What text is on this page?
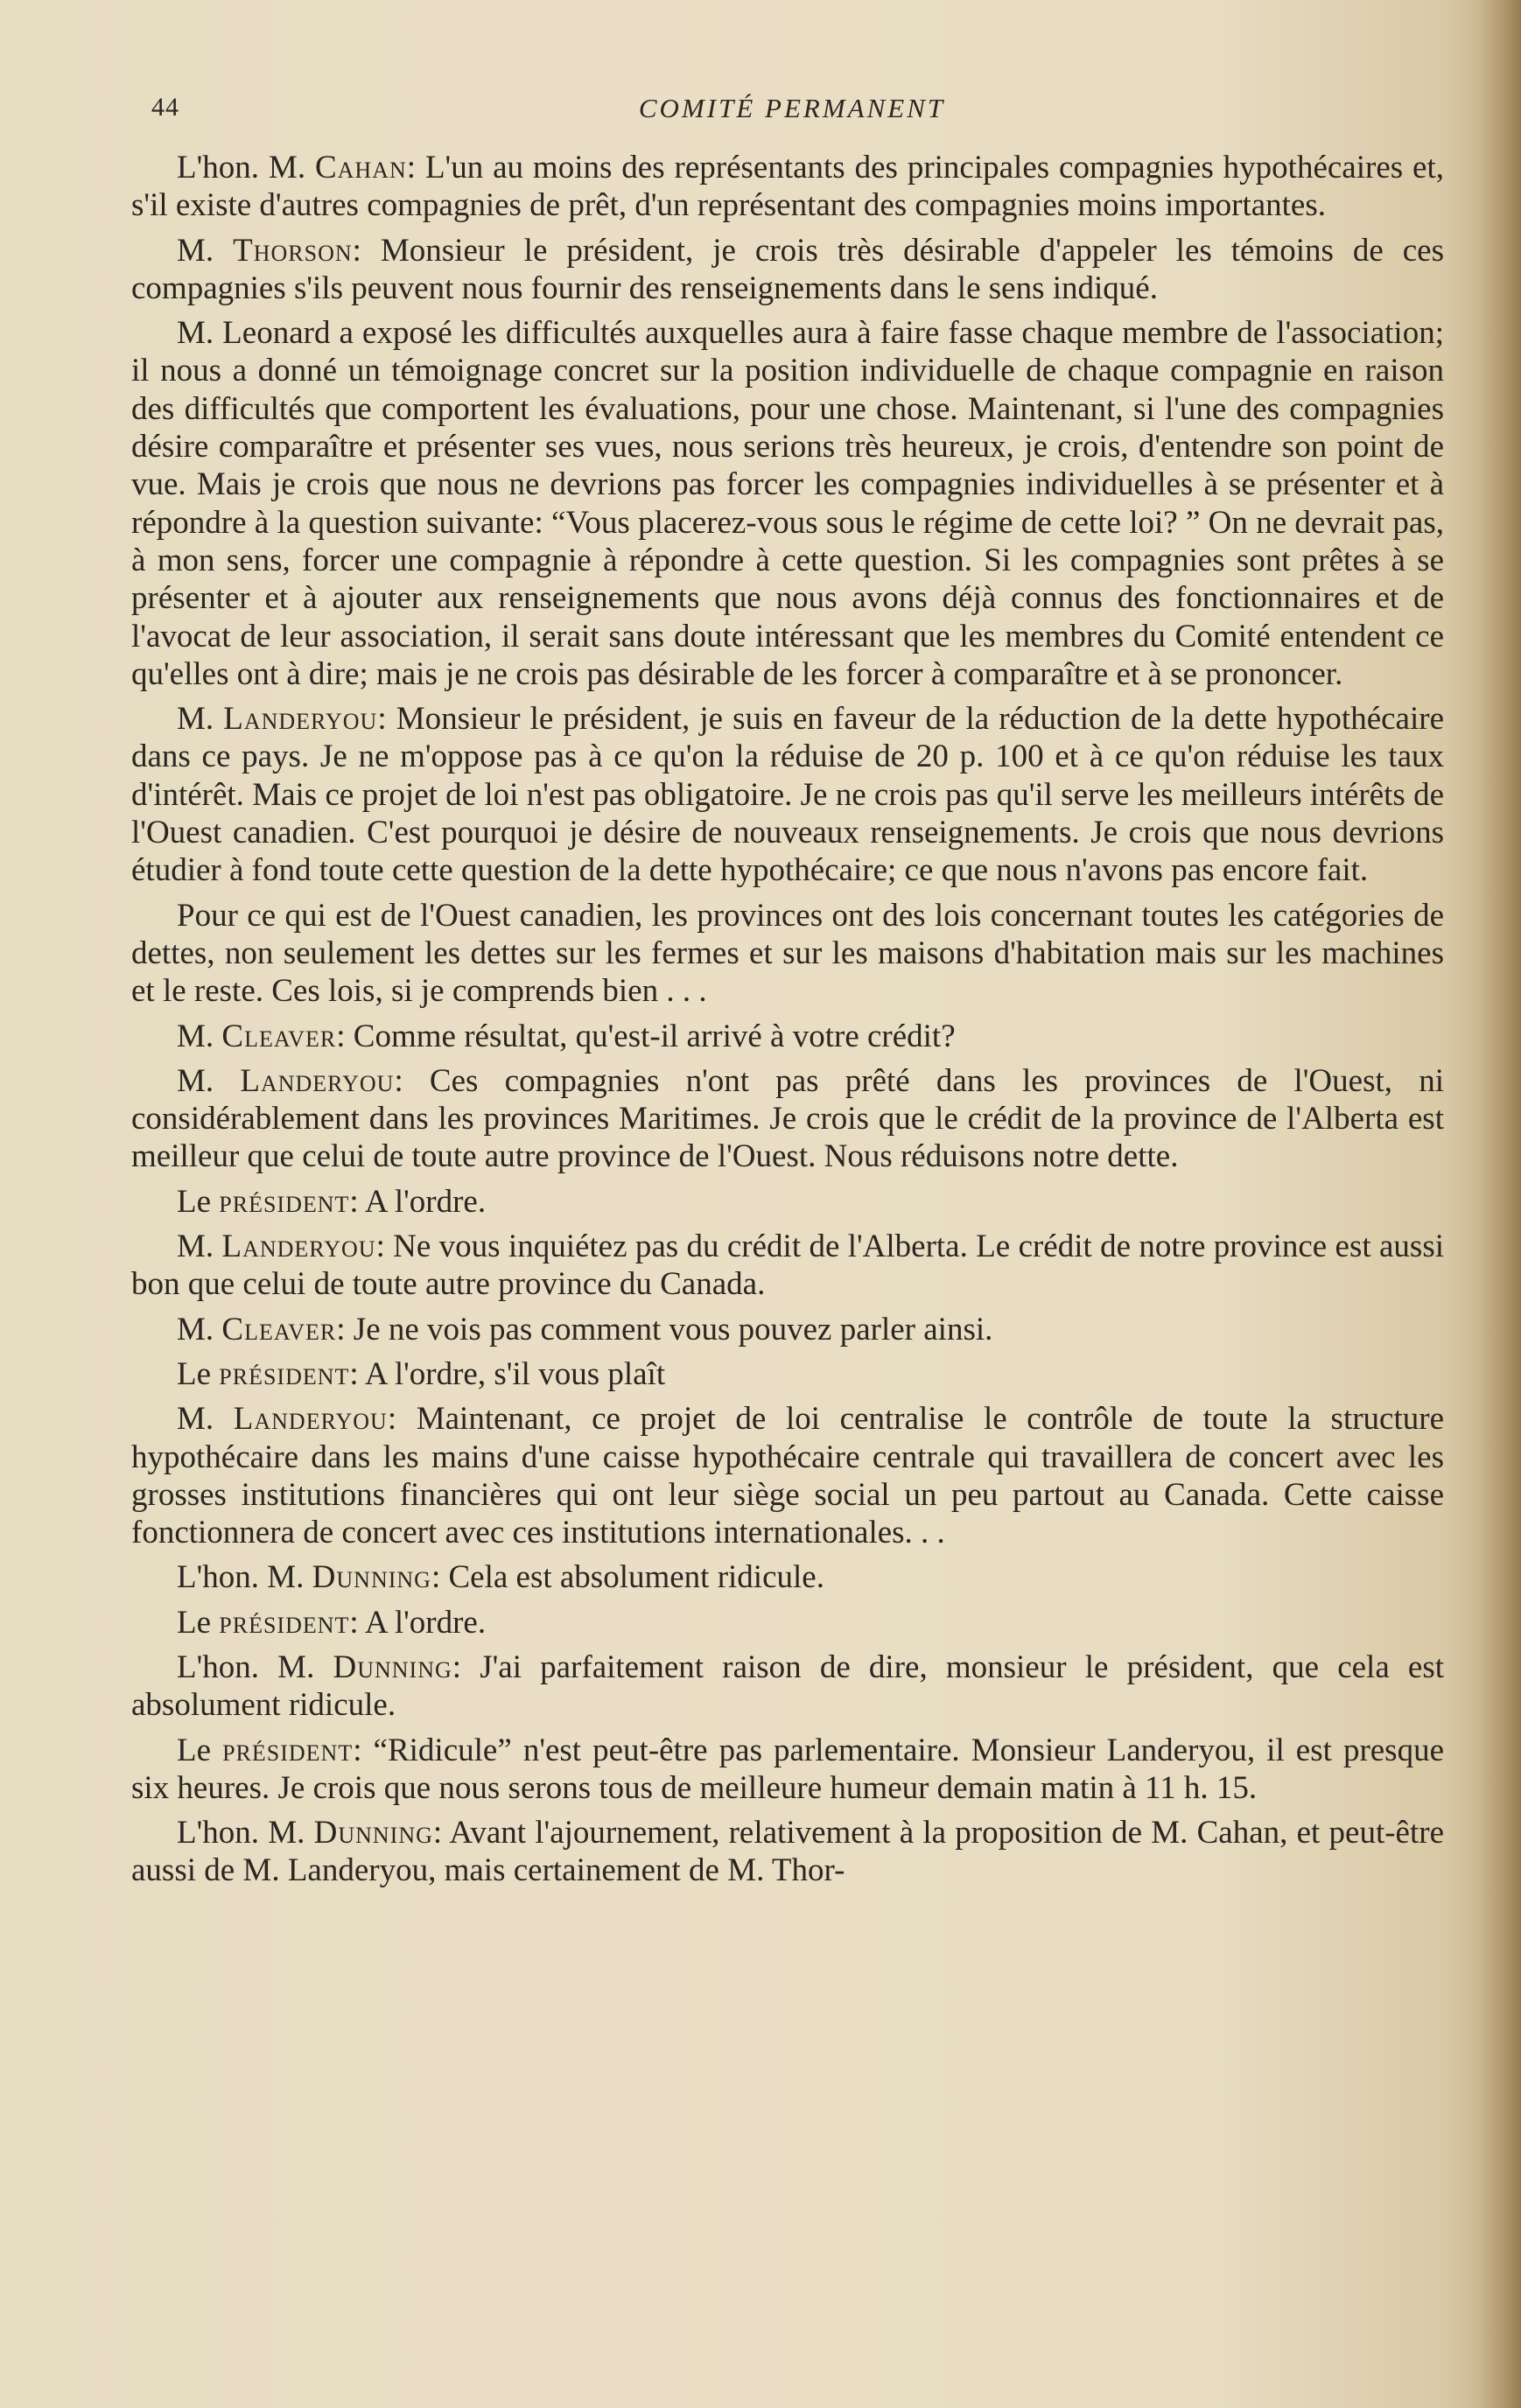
44	COMITÉ PERMANENT

L'hon. M. Cahan: L'un au moins des représentants des principales compagnies hypothécaires et, s'il existe d'autres compagnies de prêt, d'un représentant des compagnies moins importantes.

M. Thorson: Monsieur le président, je crois très désirable d'appeler les témoins de ces compagnies s'ils peuvent nous fournir des renseignements dans le sens indiqué.

M. Leonard a exposé les difficultés auxquelles aura à faire fasse chaque membre de l'association; il nous a donné un témoignage concret sur la position individuelle de chaque compagnie en raison des difficultés que comportent les évaluations, pour une chose. Maintenant, si l'une des compagnies désire comparaître et présenter ses vues, nous serions très heureux, je crois, d'entendre son point de vue. Mais je crois que nous ne devrions pas forcer les compagnies individuelles à se présenter et à répondre à la question suivante: “Vous placerez-vous sous le régime de cette loi? ” On ne devrait pas, à mon sens, forcer une compagnie à répondre à cette question. Si les compagnies sont prêtes à se présenter et à ajouter aux renseignements que nous avons déjà connus des fonctionnaires et de l'avocat de leur association, il serait sans doute intéressant que les membres du Comité entendent ce qu'elles ont à dire; mais je ne crois pas désirable de les forcer à comparaître et à se prononcer.

M. Landeryou: Monsieur le président, je suis en faveur de la réduction de la dette hypothécaire dans ce pays. Je ne m'oppose pas à ce qu'on la réduise de 20 p. 100 et à ce qu'on réduise les taux d'intérêt. Mais ce projet de loi n'est pas obligatoire. Je ne crois pas qu'il serve les meilleurs intérêts de l'Ouest canadien. C'est pourquoi je désire de nouveaux renseignements. Je crois que nous devrions étudier à fond toute cette question de la dette hypothécaire; ce que nous n'avons pas encore fait.

Pour ce qui est de l'Ouest canadien, les provinces ont des lois concernant toutes les catégories de dettes, non seulement les dettes sur les fermes et sur les maisons d'habitation mais sur les machines et le reste. Ces lois, si je comprends bien . . .

M. Cleaver: Comme résultat, qu'est-il arrivé à votre crédit?

M. Landeryou: Ces compagnies n'ont pas prêté dans les provinces de l'Ouest, ni considérablement dans les provinces Maritimes. Je crois que le crédit de la province de l'Alberta est meilleur que celui de toute autre province de l'Ouest. Nous réduisons notre dette.

Le président: A l'ordre.

M. Landeryou: Ne vous inquiétez pas du crédit de l'Alberta. Le crédit de notre province est aussi bon que celui de toute autre province du Canada.

M. Cleaver: Je ne vois pas comment vous pouvez parler ainsi.

Le président: A l'ordre, s'il vous plaît

M. Landeryou: Maintenant, ce projet de loi centralise le contrôle de toute la structure hypothécaire dans les mains d'une caisse hypothécaire centrale qui travaillera de concert avec les grosses institutions financières qui ont leur siège social un peu partout au Canada. Cette caisse fonctionnera de concert avec ces institutions internationales. . .

L'hon. M. Dunning: Cela est absolument ridicule.

Le président: A l'ordre.

L'hon. M. Dunning: J'ai parfaitement raison de dire, monsieur le président, que cela est absolument ridicule.

Le président: “Ridicule” n'est peut-être pas parlementaire. Monsieur Landeryou, il est presque six heures. Je crois que nous serons tous de meilleure humeur demain matin à 11 h. 15.

L'hon. M. Dunning: Avant l'ajournement, relativement à la proposition de M. Cahan, et peut-être aussi de M. Landeryou, mais certainement de M. Thor-
